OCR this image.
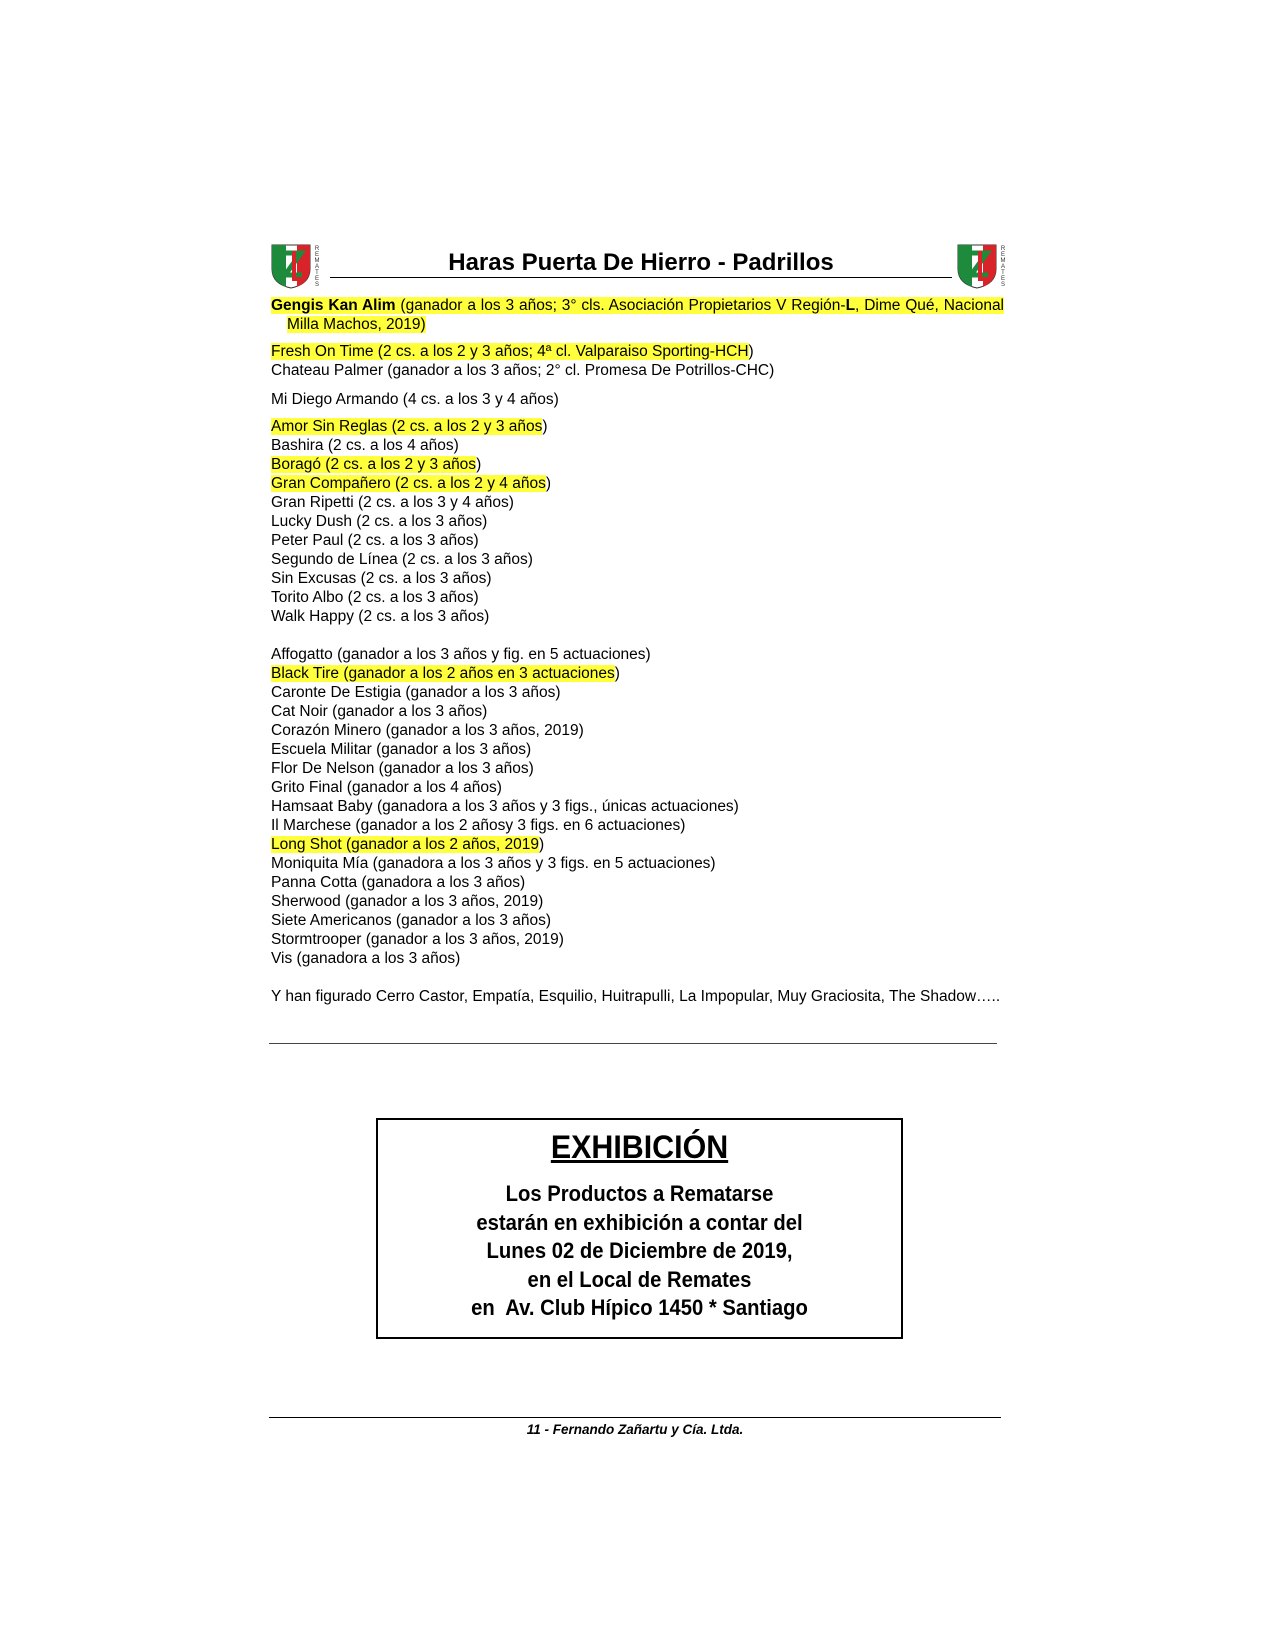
R
E
M
A
T
E
S
Haras Puerta De Hierro - Padrillos	R
E
M
A
T
E
S

Gengis Kan Alim (ganador a los 3 años; 3° cls. Asociación Propietarios V Región-L, Dime Qué, Nacional Milla Machos, 2019)

Fresh On Time (2 cs. a los 2 y 3 años; 4ª cl. Valparaiso Sporting-HCH)

Chateau Palmer (ganador a los 3 años; 2° cl. Promesa De Potrillos-CHC)

Mi Diego Armando (4 cs. a los 3 y 4 años)

Amor Sin Reglas (2 cs. a los 2 y 3 años)

Bashira (2 cs. a los 4 años)

Boragó (2 cs. a los 2 y 3 años)

Gran Compañero (2 cs. a los 2 y 4 años)

Gran Ripetti (2 cs. a los 3 y 4 años)

Lucky Dush (2 cs. a los 3 años)

Peter Paul (2 cs. a los 3 años)

Segundo de Línea (2 cs. a los 3 años)

Sin Excusas (2 cs. a los 3 años)

Torito Albo (2 cs. a los 3 años)

Walk Happy (2 cs. a los 3 años)

Affogatto (ganador a los 3 años y fig. en 5 actuaciones)

Black Tire (ganador a los 2 años en 3 actuaciones)

Caronte De Estigia (ganador a los 3 años)

Cat Noir (ganador a los 3 años)

Corazón Minero (ganador a los 3 años, 2019)

Escuela Militar (ganador a los 3 años)

Flor De Nelson (ganador a los 3 años)

Grito Final (ganador a los 4 años)

Hamsaat Baby (ganadora a los 3 años y 3 figs., únicas actuaciones)

Il Marchese (ganador a los 2 añosy 3 figs. en 6 actuaciones)

Long Shot (ganador a los 2 años, 2019)

Moniquita Mía (ganadora a los 3 años y 3 figs. en 5 actuaciones)

Panna Cotta (ganadora a los 3 años)

Sherwood (ganador a los 3 años, 2019)

Siete Americanos (ganador a los 3 años)

Stormtrooper (ganador a los 3 años, 2019)

Vis (ganadora a los 3 años)

Y han figurado Cerro Castor, Empatía, Esquilio, Huitrapulli, La Impopular, Muy Graciosita, The Shadow…..

EXHIBICIÓN
Los Productos a Rematarse
estarán en exhibición a contar del
Lunes 02 de Diciembre de 2019,
en el Local de Remates
en  Av. Club Hípico 1450 * Santiago
11 - Fernando Zañartu y Cía. Ltda.
